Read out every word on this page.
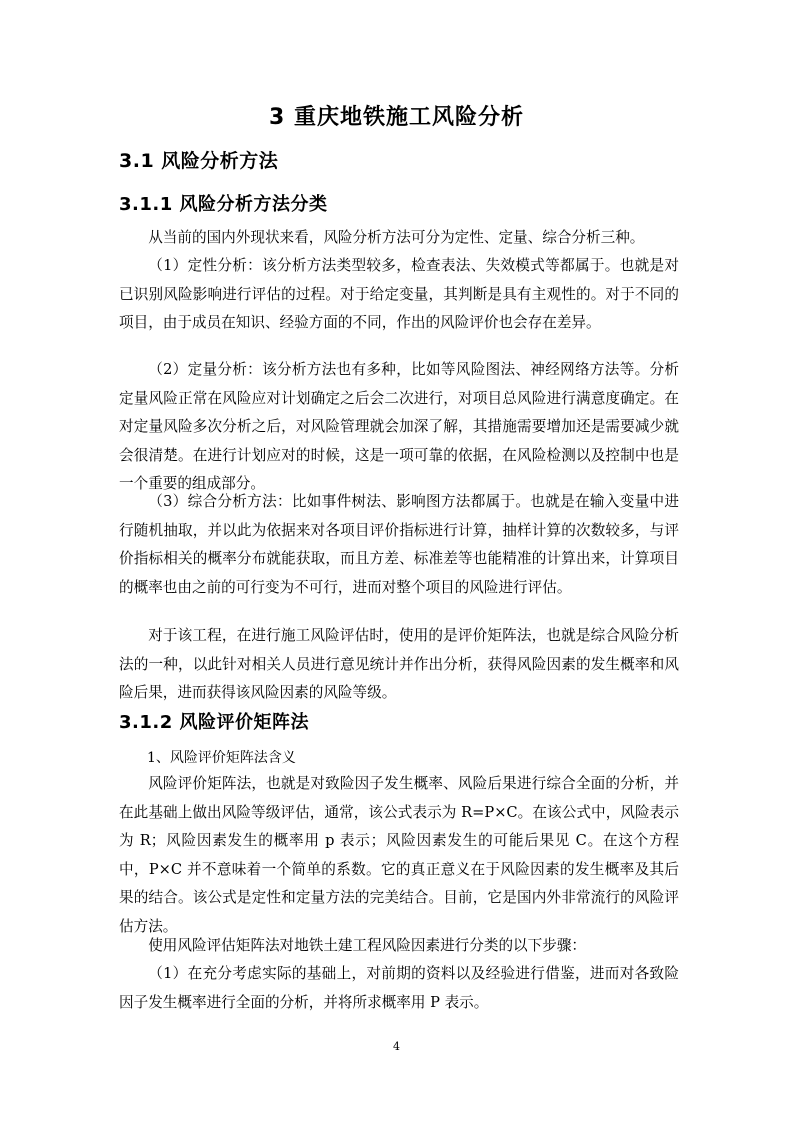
3 重庆地铁施工风险分析
3.1 风险分析方法
3.1.1 风险分析方法分类

从当前的国内外现状来看，风险分析方法可分为定性、定量、综合分析三种。

（1）定性分析：该分析方法类型较多，检查表法、失效模式等都属于。也就是对已识别风险影响进行评估的过程。对于给定变量，其判断是具有主观性的。对于不同的项目，由于成员在知识、经验方面的不同，作出的风险评价也会存在差异。

（2）定量分析：该分析方法也有多种，比如等风险图法、神经网络方法等。分析定量风险正常在风险应对计划确定之后会二次进行，对项目总风险进行满意度确定。在对定量风险多次分析之后，对风险管理就会加深了解，其措施需要增加还是需要减少就会很清楚。在进行计划应对的时候，这是一项可靠的依据，在风险检测以及控制中也是一个重要的组成部分。

（3）综合分析方法：比如事件树法、影响图方法都属于。也就是在输入变量中进行随机抽取，并以此为依据来对各项目评价指标进行计算，抽样计算的次数较多，与评价指标相关的概率分布就能获取，而且方差、标准差等也能精准的计算出来，计算项目的概率也由之前的可行变为不可行，进而对整个项目的风险进行评估。

对于该工程，在进行施工风险评估时，使用的是评价矩阵法，也就是综合风险分析法的一种，以此针对相关人员进行意见统计并作出分析，获得风险因素的发生概率和风险后果，进而获得该风险因素的风险等级。

3.1.2 风险评价矩阵法

1、风险评价矩阵法含义

风险评价矩阵法，也就是对致险因子发生概率、风险后果进行综合全面的分析，并在此基础上做出风险等级评估，通常，该公式表示为 R=P×C。在该公式中，风险表示为 R；风险因素发生的概率用 p 表示；风险因素发生的可能后果见 C。在这个方程中，P×C 并不意味着一个简单的系数。它的真正意义在于风险因素的发生概率及其后果的结合。该公式是定性和定量方法的完美结合。目前，它是国内外非常流行的风险评估方法。

使用风险评估矩阵法对地铁土建工程风险因素进行分类的以下步骤：

（1）在充分考虑实际的基础上，对前期的资料以及经验进行借鉴，进而对各致险因子发生概率进行全面的分析，并将所求概率用 P 表示。

4
